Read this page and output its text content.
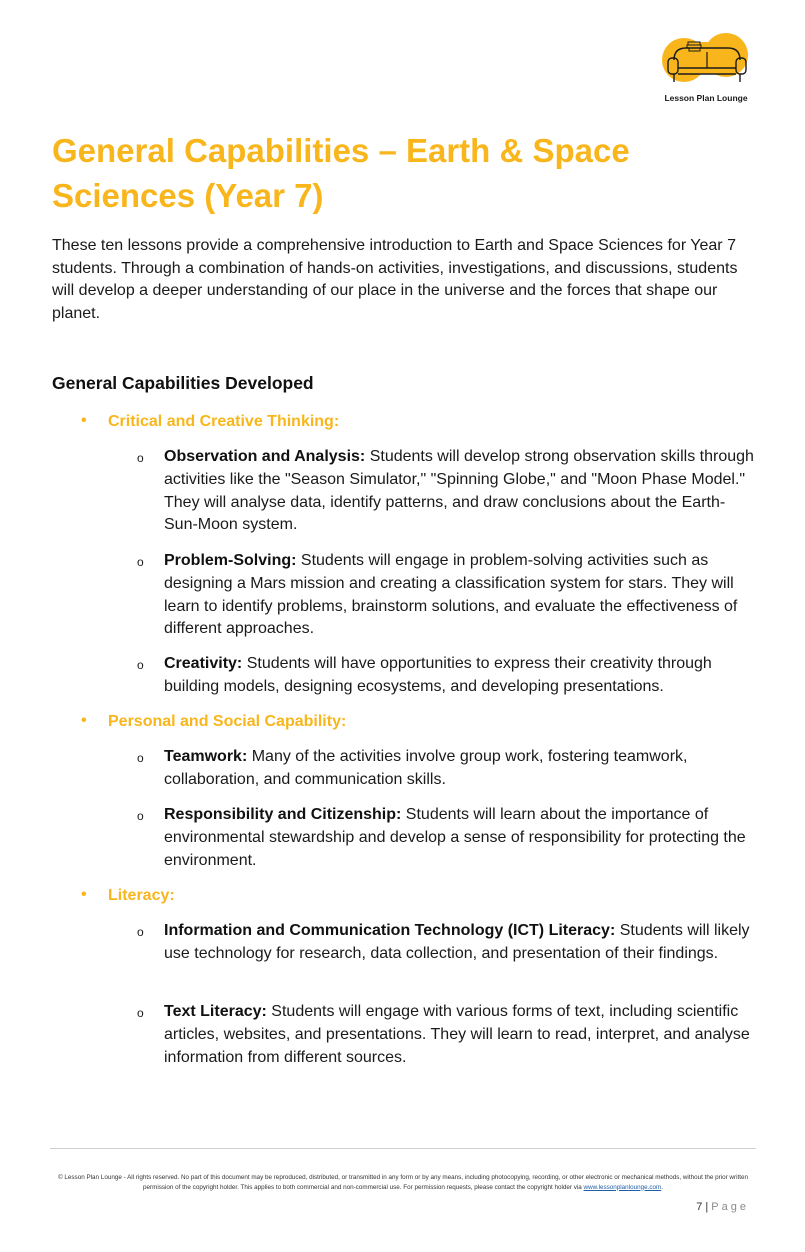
Lesson Plan Lounge
General Capabilities – Earth & Space Sciences (Year 7)

These ten lessons provide a comprehensive introduction to Earth and Space Sciences for Year 7 students. Through a combination of hands-on activities, investigations, and discussions, students will develop a deeper understanding of our place in the universe and the forces that shape our planet.

General Capabilities Developed
• Critical and Creative Thinking:
o Observation and Analysis: Students will develop strong observation skills through activities like the "Season Simulator," "Spinning Globe," and "Moon Phase Model." They will analyse data, identify patterns, and draw conclusions about the Earth-Sun-Moon system.
o Problem-Solving: Students will engage in problem-solving activities such as designing a Mars mission and creating a classification system for stars. They will learn to identify problems, brainstorm solutions, and evaluate the effectiveness of different approaches.
o Creativity: Students will have opportunities to express their creativity through building models, designing ecosystems, and developing presentations.
• Personal and Social Capability:
o Teamwork: Many of the activities involve group work, fostering teamwork, collaboration, and communication skills.
o Responsibility and Citizenship: Students will learn about the importance of environmental stewardship and develop a sense of responsibility for protecting the environment.
• Literacy:
o Information and Communication Technology (ICT) Literacy: Students will likely use technology for research, data collection, and presentation of their findings.
o Text Literacy: Students will engage with various forms of text, including scientific articles, websites, and presentations. They will learn to read, interpret, and analyse information from different sources.
© Lesson Plan Lounge - All rights reserved. No part of this document may be reproduced, distributed, or transmitted in any form or by any means, including photocopying, recording, or other electronic or mechanical methods, without the prior written permission of the copyright holder. This applies to both commercial and non-commercial use. For permission requests, please contact the copyright holder via www.lessonplanlounge.com.
7 | Page
